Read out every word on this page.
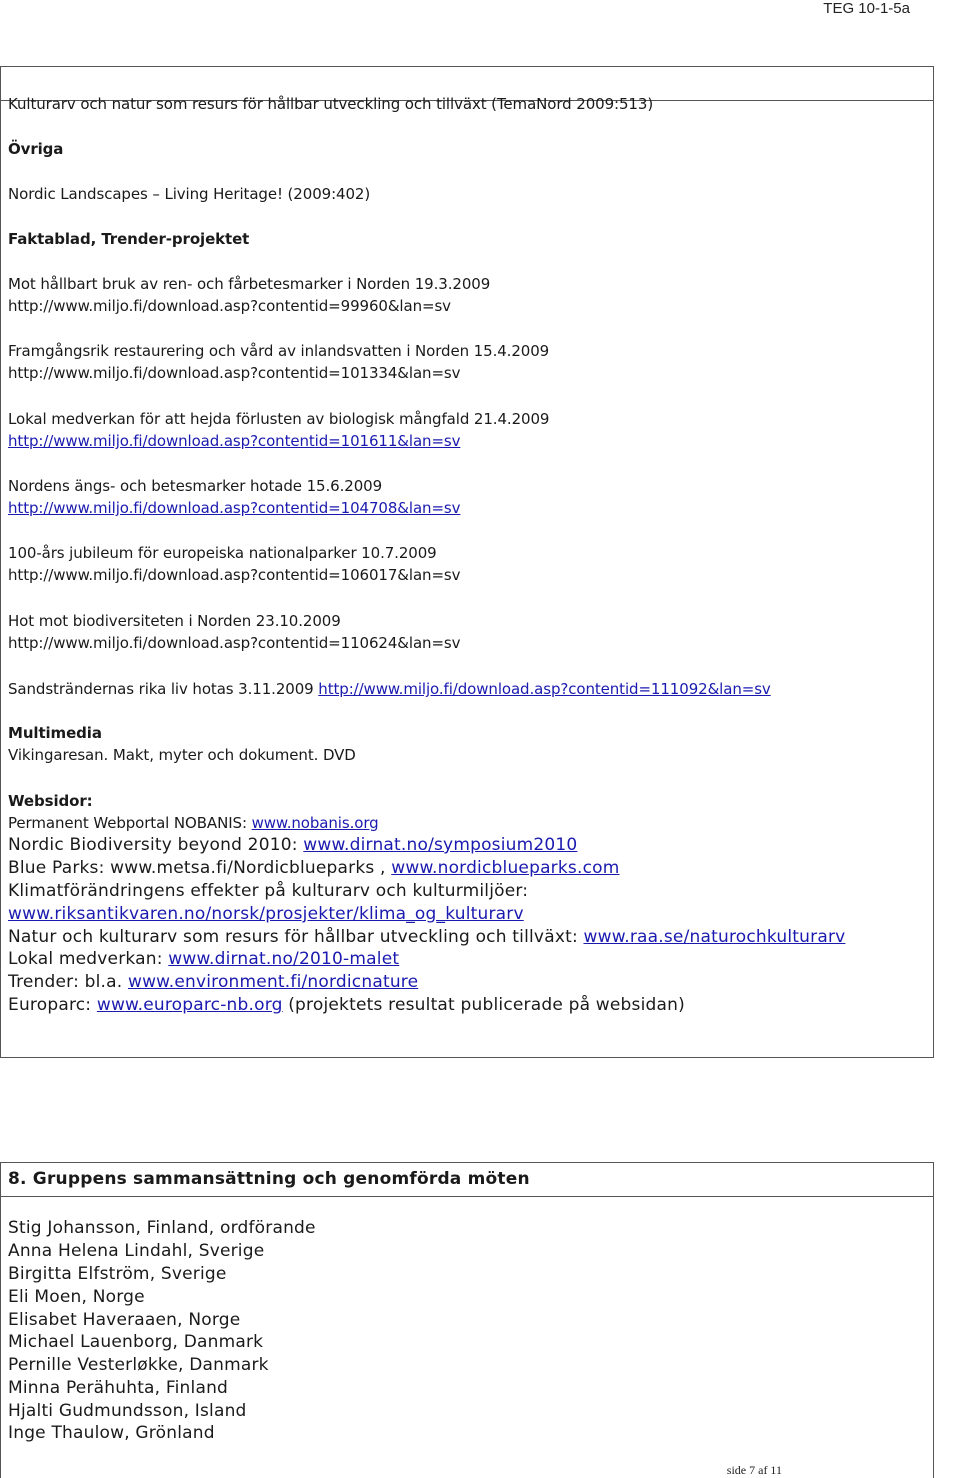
TEG 10-1-5a
Kulturarv och natur som resurs för hållbar utveckling och tillväxt (TemaNord 2009:513)
Övriga
Nordic Landscapes – Living Heritage! (2009:402)
Faktablad, Trender-projektet
Mot hållbart bruk av ren- och fårbetesmarker i Norden 19.3.2009
http://www.miljo.fi/download.asp?contentid=99960&lan=sv
Framgångsrik restaurering och vård av inlandsvatten i Norden 15.4.2009
http://www.miljo.fi/download.asp?contentid=101334&lan=sv
Lokal medverkan för att hejda förlusten av biologisk mångfald 21.4.2009
http://www.miljo.fi/download.asp?contentid=101611&lan=sv
Nordens ängs- och betesmarker hotade 15.6.2009
http://www.miljo.fi/download.asp?contentid=104708&lan=sv
100-års jubileum för europeiska nationalparker 10.7.2009
http://www.miljo.fi/download.asp?contentid=106017&lan=sv
Hot mot biodiversiteten i Norden 23.10.2009
http://www.miljo.fi/download.asp?contentid=110624&lan=sv
Sandsträndernas rika liv hotas 3.11.2009 http://www.miljo.fi/download.asp?contentid=111092&lan=sv
Multimedia
Vikingaresan. Makt, myter och dokument. DVD
Websidor:
Permanent Webportal NOBANIS: www.nobanis.org
Nordic Biodiversity beyond 2010: www.dirnat.no/symposium2010
Blue Parks: www.metsa.fi/Nordicblueparks , www.nordicblueparks.com
Klimatförändringens effekter på kulturarv och kulturmiljöer:
www.riksantikvaren.no/norsk/prosjekter/klima_og_kulturarv
Natur och kulturarv som resurs för hållbar utveckling och tillväxt: www.raa.se/naturochkulturarv
Lokal medverkan: www.dirnat.no/2010-malet
Trender: bl.a. www.environment.fi/nordicnature
Europarc: www.europarc-nb.org (projektets resultat publicerade på websidan)
8. Gruppens sammansättning och genomförda möten
Stig Johansson, Finland, ordförande
Anna Helena Lindahl, Sverige
Birgitta Elfström, Sverige
Eli Moen, Norge
Elisabet Haveraaen, Norge
Michael Lauenborg, Danmark
Pernille Vesterløkke, Danmark
Minna Perähuhta, Finland
Hjalti Gudmundsson, Island
Inge Thaulow, Grönland
side 7 af 11
